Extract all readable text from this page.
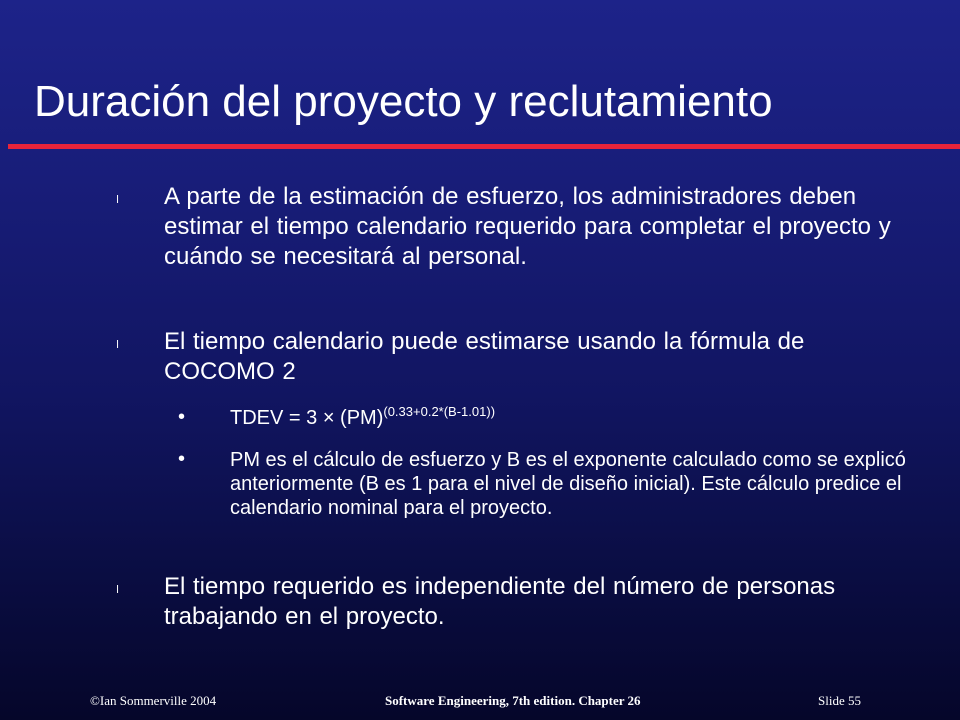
Duración del proyecto y reclutamiento
l A parte de la estimación de esfuerzo, los administradores deben estimar el tiempo calendario requerido para completar el proyecto y cuándo se necesitará al personal.
l El tiempo calendario puede estimarse usando la fórmula de COCOMO 2
• TDEV = 3 × (PM)$^{(0.33+0.2*(B-1.01))}$
• PM es el cálculo de esfuerzo y B es el exponente calculado como se explicó anteriormente (B es 1 para el nivel de diseño inicial). Este cálculo predice el calendario nominal para el proyecto.
l El tiempo requerido es independiente del número de personas trabajando en el proyecto.
©Ian Sommerville 2004	Software Engineering, 7th edition. Chapter 26	Slide 55
